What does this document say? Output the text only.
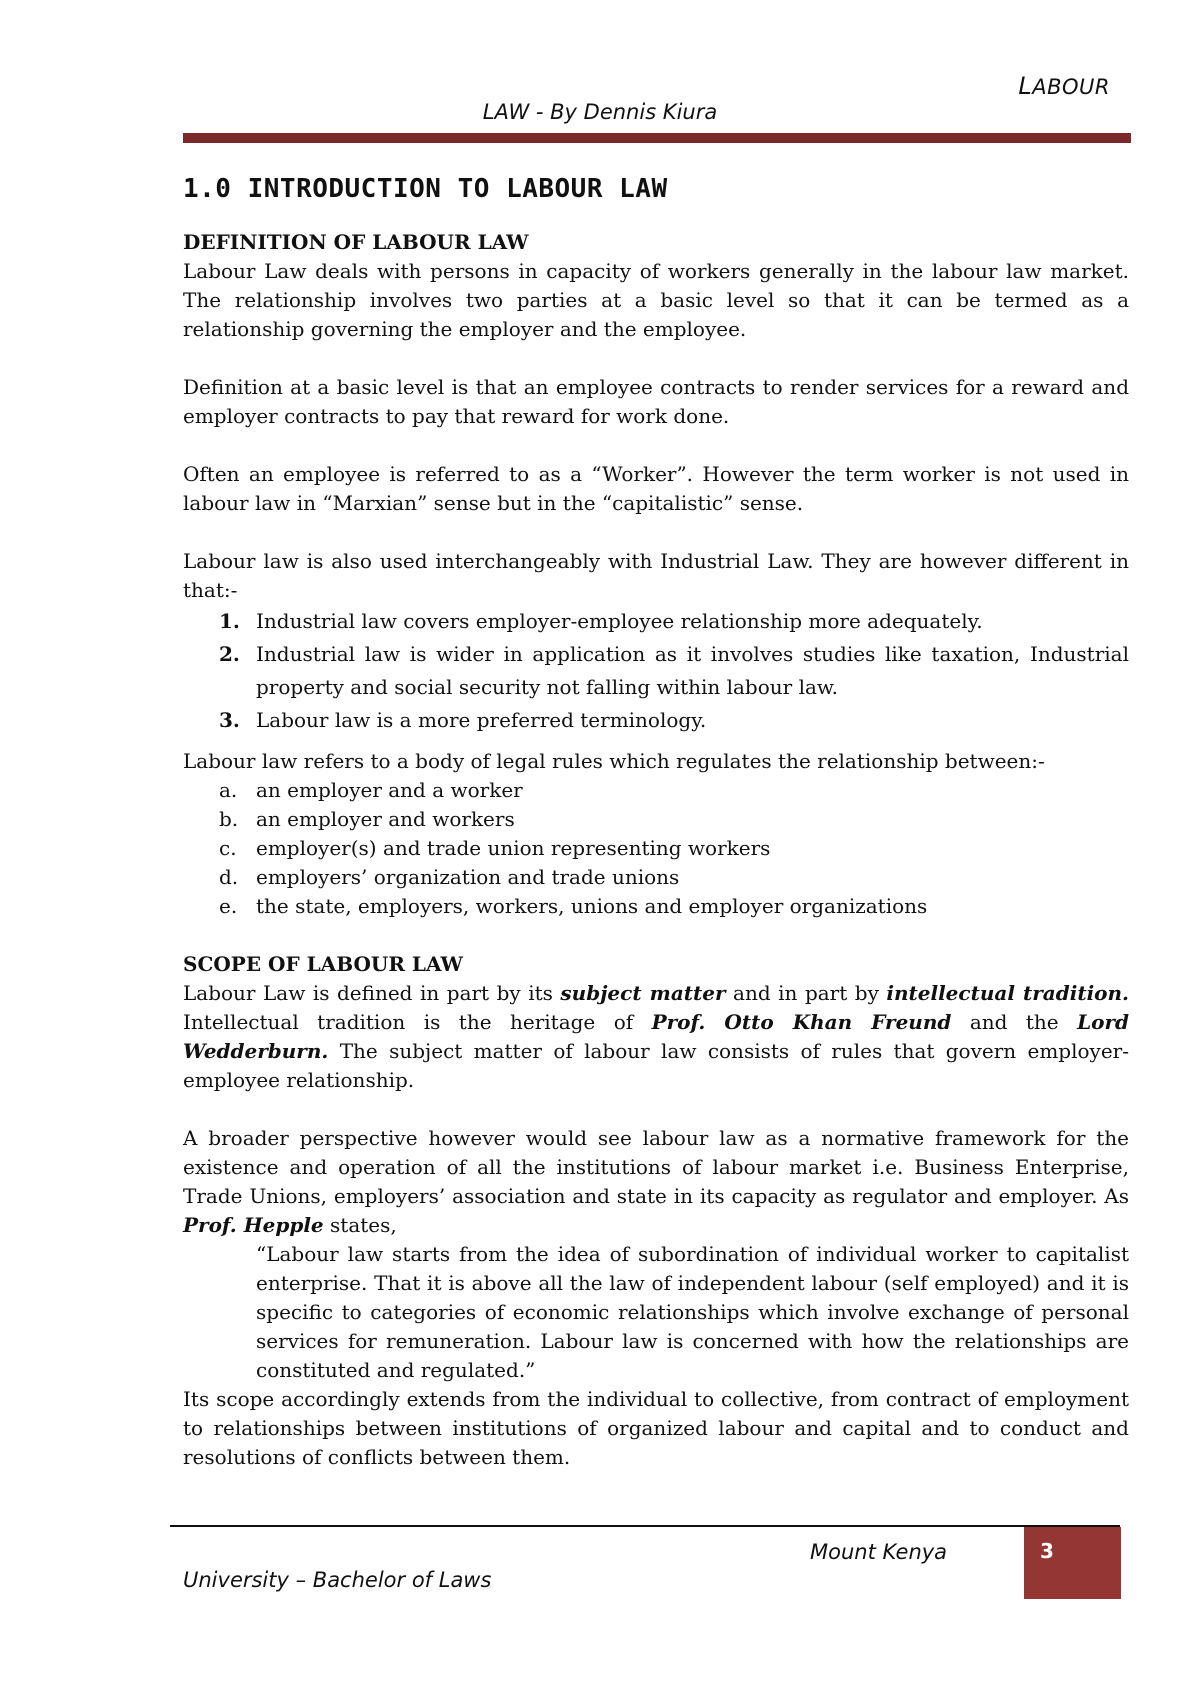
LABOUR
LAW - By Dennis Kiura
1.0 INTRODUCTION TO LABOUR LAW
DEFINITION OF LABOUR LAW

Labour Law deals with persons in capacity of workers generally in the labour law market. The relationship involves two parties at a basic level so that it can be termed as a relationship governing the employer and the employee.

Definition at a basic level is that an employee contracts to render services for a reward and employer contracts to pay that reward for work done.

Often an employee is referred to as a “Worker”. However the term worker is not used in labour law in “Marxian” sense but in the “capitalistic” sense.

Labour law is also used interchangeably with Industrial Law. They are however different in that:-

1. Industrial law covers employer-employee relationship more adequately.
2. Industrial law is wider in application as it involves studies like taxation, Industrial property and social security not falling within labour law.
3. Labour law is a more preferred terminology.

Labour law refers to a body of legal rules which regulates the relationship between:-

a. an employer and a worker
b. an employer and workers
c. employer(s) and trade union representing workers
d. employers’ organization and trade unions
e. the state, employers, workers, unions and employer organizations
SCOPE OF LABOUR LAW

Labour Law is defined in part by its subject matter and in part by intellectual tradition. Intellectual tradition is the heritage of Prof. Otto Khan Freund and the Lord Wedderburn. The subject matter of labour law consists of rules that govern employer-employee relationship.

A broader perspective however would see labour law as a normative framework for the existence and operation of all the institutions of labour market i.e. Business Enterprise, Trade Unions, employers’ association and state in its capacity as regulator and employer. As Prof. Hepple states,

“Labour law starts from the idea of subordination of individual worker to capitalist enterprise. That it is above all the law of independent labour (self employed) and it is specific to categories of economic relationships which involve exchange of personal services for remuneration. Labour law is concerned with how the relationships are constituted and regulated.”

Its scope accordingly extends from the individual to collective, from contract of employment to relationships between institutions of organized labour and capital and to conduct and resolutions of conflicts between them.

Mount Kenya
University – Bachelor of Laws
3
